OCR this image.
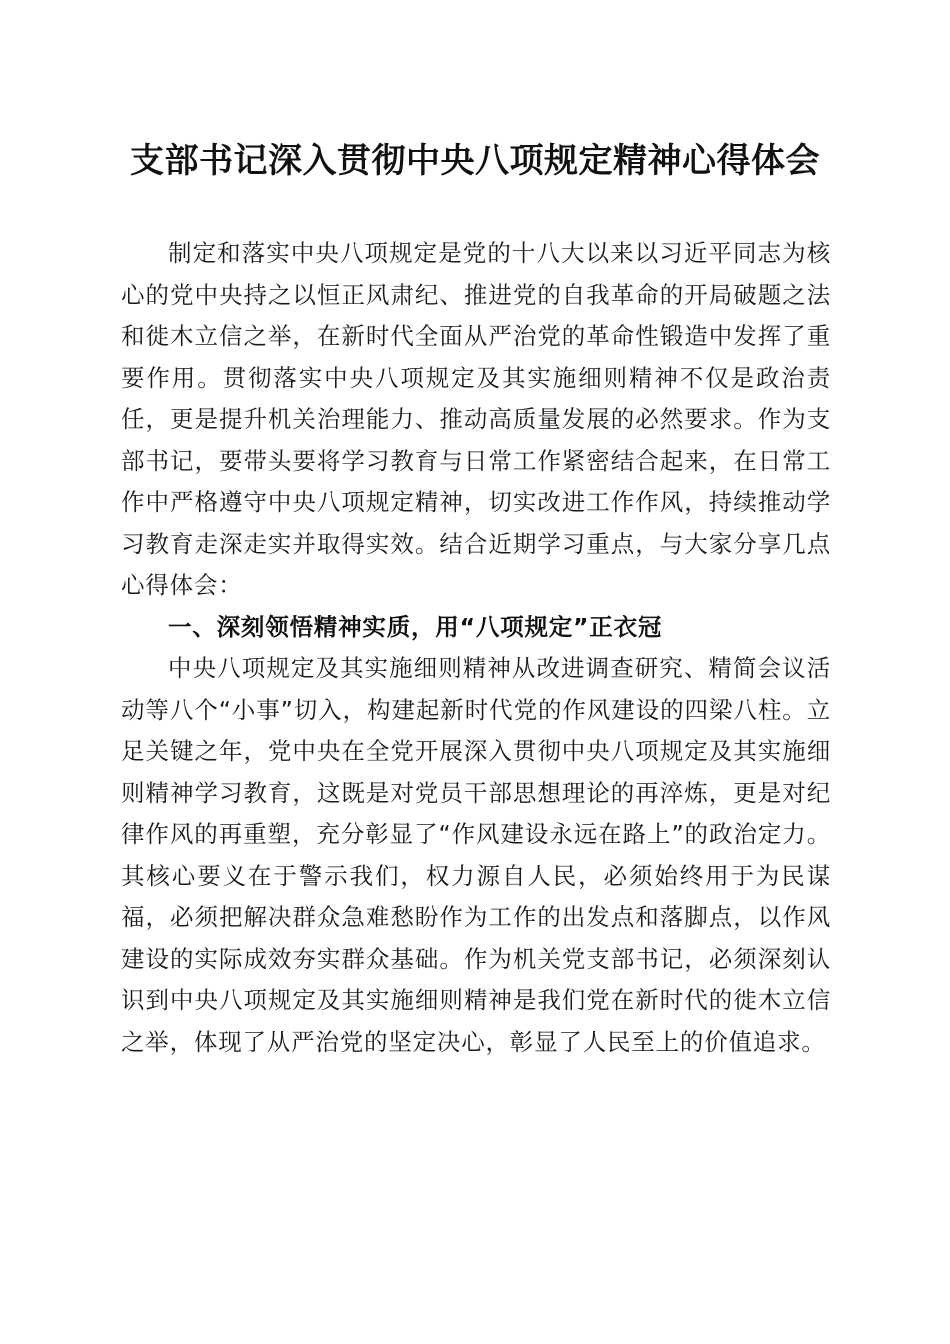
支部书记深入贯彻中央八项规定精神心得体会

制定和落实中央八项规定是党的十八大以来以习近平同志为核心的党中央持之以恒正风肃纪、推进党的自我革命的开局破题之法和徙木立信之举，在新时代全面从严治党的革命性锻造中发挥了重要作用。贯彻落实中央八项规定及其实施细则精神不仅是政治责任，更是提升机关治理能力、推动高质量发展的必然要求。作为支部书记，要带头要将学习教育与日常工作紧密结合起来，在日常工作中严格遵守中央八项规定精神，切实改进工作作风，持续推动学习教育走深走实并取得实效。结合近期学习重点，与大家分享几点心得体会：

一、深刻领悟精神实质，用“八项规定”正衣冠

中央八项规定及其实施细则精神从改进调查研究、精简会议活动等八个“小事”切入，构建起新时代党的作风建设的四梁八柱。立足关键之年，党中央在全党开展深入贯彻中央八项规定及其实施细则精神学习教育，这既是对党员干部思想理论的再淬炼，更是对纪律作风的再重塑，充分彰显了“作风建设永远在路上”的政治定力。其核心要义在于警示我们，权力源自人民，必须始终用于为民谋福，必须把解决群众急难愁盼作为工作的出发点和落脚点，以作风建设的实际成效夯实群众基础。作为机关党支部书记，必须深刻认识到中央八项规定及其实施细则精神是我们党在新时代的徙木立信之举，体现了从严治党的坚定决心，彰显了人民至上的价值追求。
